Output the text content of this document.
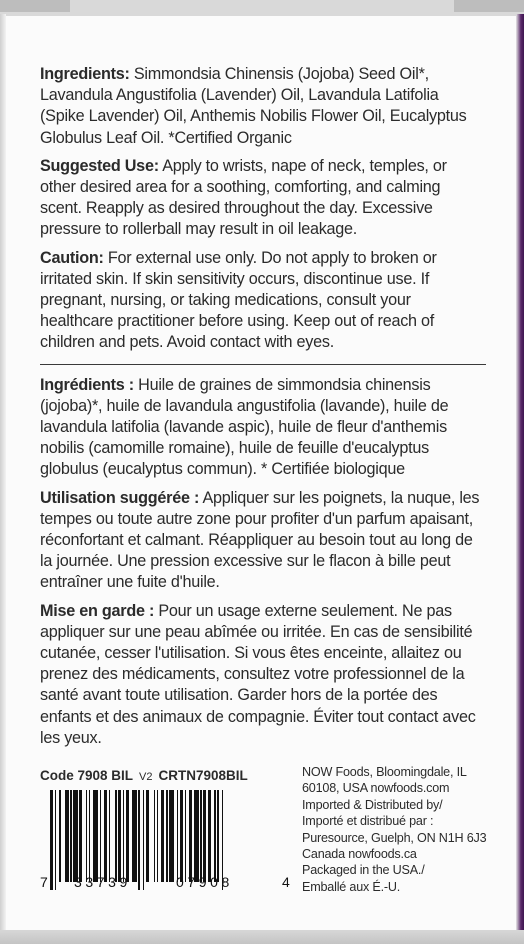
Ingredients: Simmondsia Chinensis (Jojoba) Seed Oil*, Lavandula Angustifolia (Lavender) Oil, Lavandula Latifolia (Spike Lavender) Oil, Anthemis Nobilis Flower Oil, Eucalyptus Globulus Leaf Oil. *Certified Organic

Suggested Use: Apply to wrists, nape of neck, temples, or other desired area for a soothing, comforting, and calming scent. Reapply as desired throughout the day. Excessive pressure to rollerball may result in oil leakage.

Caution: For external use only. Do not apply to broken or irritated skin. If skin sensitivity occurs, discontinue use. If pregnant, nursing, or taking medications, consult your healthcare practitioner before using. Keep out of reach of children and pets. Avoid contact with eyes.

Ingrédients : Huile de graines de simmondsia chinensis (jojoba)*, huile de lavandula angustifolia (lavande), huile de lavandula latifolia (lavande aspic), huile de fleur d'anthemis nobilis (camomille romaine), huile de feuille d'eucalyptus globulus (eucalyptus commun). * Certifiée biologique

Utilisation suggérée : Appliquer sur les poignets, la nuque, les tempes ou toute autre zone pour profiter d'un parfum apaisant, réconfortant et calmant. Réappliquer au besoin tout au long de la journée. Une pression excessive sur le flacon à bille peut entraîner une fuite d'huile.

Mise en garde : Pour un usage externe seulement. Ne pas appliquer sur une peau abîmée ou irritée. En cas de sensibilité cutanée, cesser l'utilisation. Si vous êtes enceinte, allaitez ou prenez des médicaments, consultez votre professionnel de la santé avant toute utilisation. Garder hors de la portée des enfants et des animaux de compagnie. Éviter tout contact avec les yeux.

Code 7908 BIL V2 CRTN7908BIL
7 33739	07908	4
NOW Foods, Bloomingdale, IL
60108, USA nowfoods.com
Imported & Distributed by/
Importé et distribué par :
Puresource, Guelph, ON N1H 6J3
Canada nowfoods.ca
Packaged in the USA./
Emballé aux É.-U.
